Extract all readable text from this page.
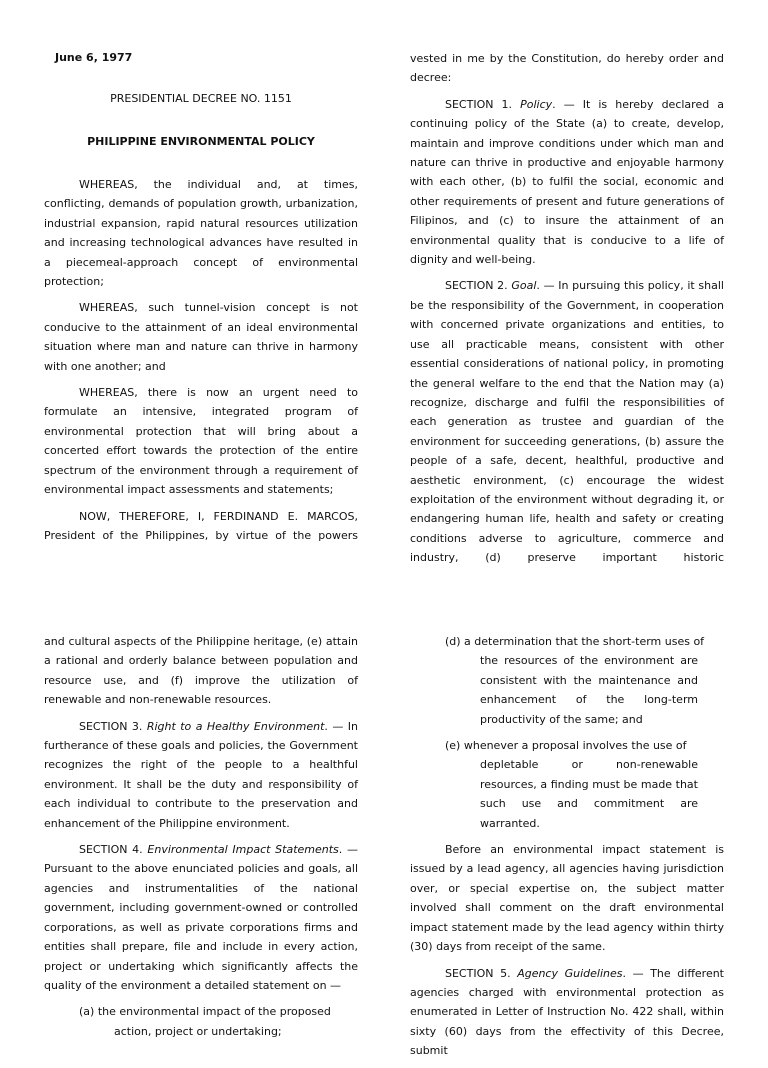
June 6, 1977
PRESIDENTIAL DECREE NO. 1151
PHILIPPINE ENVIRONMENTAL POLICY

WHEREAS, the individual and, at times, conflicting, demands of population growth, urbanization, industrial expansion, rapid natural resources utilization and increasing technological advances have resulted in a piecemeal-approach concept of environmental protection;

WHEREAS, such tunnel-vision concept is not conducive to the attainment of an ideal environmental situation where man and nature can thrive in harmony with one another; and

WHEREAS, there is now an urgent need to formulate an intensive, integrated program of environmental protection that will bring about a concerted effort towards the protection of the entire spectrum of the environment through a requirement of environmental impact assessments and statements;

NOW, THEREFORE, I, FERDINAND E. MARCOS, President of the Philippines, by virtue of the powers

vested in me by the Constitution, do hereby order and decree:

SECTION 1. Policy. — It is hereby declared a continuing policy of the State (a) to create, develop, maintain and improve conditions under which man and nature can thrive in productive and enjoyable harmony with each other, (b) to fulfil the social, economic and other requirements of present and future generations of Filipinos, and (c) to insure the attainment of an environmental quality that is conducive to a life of dignity and well-being.

SECTION 2. Goal. — In pursuing this policy, it shall be the responsibility of the Government, in cooperation with concerned private organizations and entities, to use all practicable means, consistent with other essential considerations of national policy, in promoting the general welfare to the end that the Nation may (a) recognize, discharge and fulfil the responsibilities of each generation as trustee and guardian of the environment for succeeding generations, (b) assure the people of a safe, decent, healthful, productive and aesthetic environment, (c) encourage the widest exploitation of the environment without degrading it, or endangering human life, health and safety or creating conditions adverse to agriculture, commerce and industry, (d) preserve important historic

and cultural aspects of the Philippine heritage, (e) attain a rational and orderly balance between population and resource use, and (f) improve the utilization of renewable and non-renewable resources.

SECTION 3. Right to a Healthy Environment. — In furtherance of these goals and policies, the Government recognizes the right of the people to a healthful environment. It shall be the duty and responsibility of each individual to contribute to the preservation and enhancement of the Philippine environment.

SECTION 4. Environmental Impact Statements. — Pursuant to the above enunciated policies and goals, all agencies and instrumentalities of the national government, including government-owned or controlled corporations, as well as private corporations firms and entities shall prepare, file and include in every action, project or undertaking which significantly affects the quality of the environment a detailed statement on —

(a) the environmental impact of the proposed
action, project or undertaking;
(d) a determination that the short-term uses of
the resources of the environment are consistent with the maintenance and enhancement of the long-term productivity of the same; and
(e) whenever a proposal involves the use of
depletable or non-renewable resources, a finding must be made that such use and commitment are warranted.

Before an environmental impact statement is issued by a lead agency, all agencies having jurisdiction over, or special expertise on, the subject matter involved shall comment on the draft environmental impact statement made by the lead agency within thirty (30) days from receipt of the same.

SECTION 5. Agency Guidelines. — The different agencies charged with environmental protection as enumerated in Letter of Instruction No. 422 shall, within sixty (60) days from the effectivity of this Decree, submit
